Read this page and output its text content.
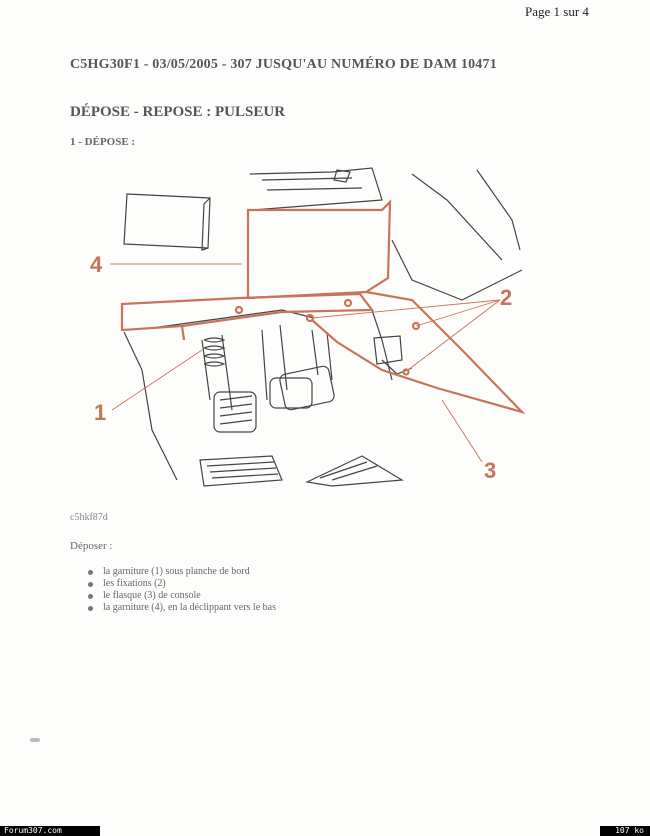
Page 1 sur 4
C5HG30F1 - 03/05/2005 - 307 JUSQU'AU NUMÉRO DE DAM 10471
DÉPOSE - REPOSE : PULSEUR
1 - DÉPOSE :
4
2
1
3
c5hkf87d
Déposer :
la garniture (1) sous planche de bord
les fixations (2)
le flasque (3) de console
la garniture (4), en la déclippant vers le bas
Forum307.com	107 ko
